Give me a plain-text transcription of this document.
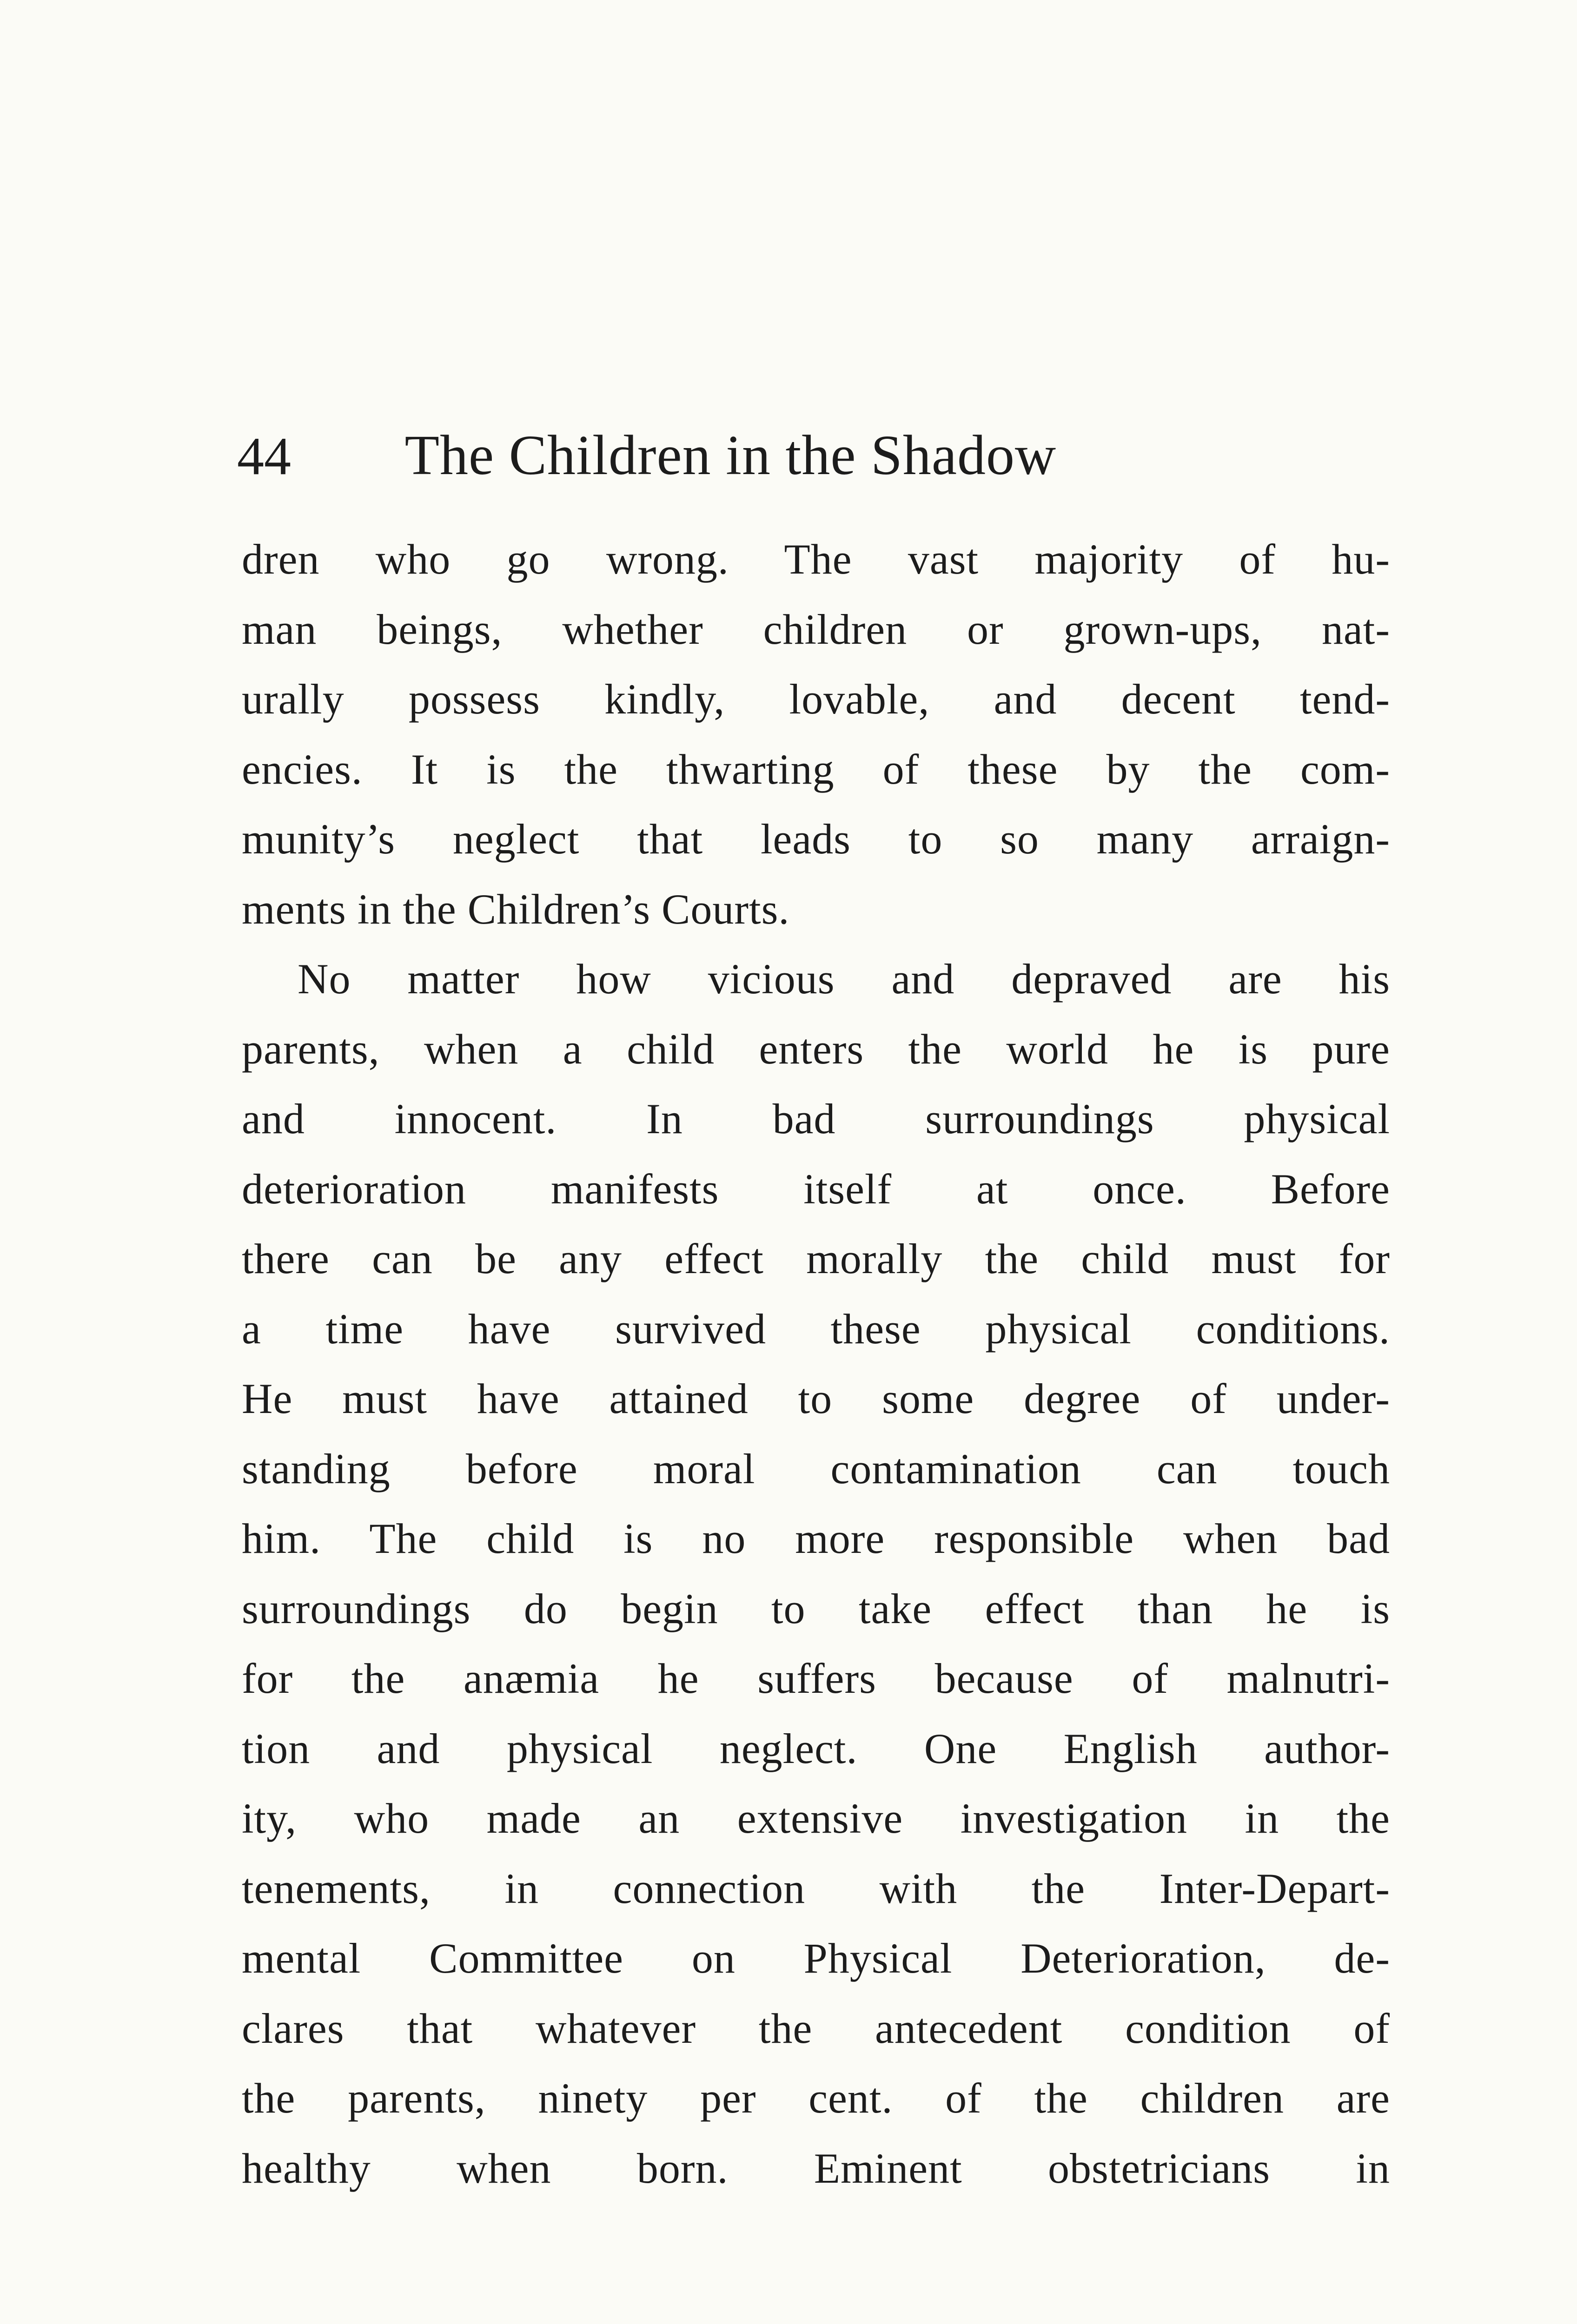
44 The Children in the Shadow
dren who go wrong. The vast majority of hu-
man beings, whether children or grown-ups, nat-
urally possess kindly, lovable, and decent tend-
encies. It is the thwarting of these by the com-
munity’s neglect that leads to so many arraign-
ments in the Children’s Courts.
No matter how vicious and depraved are his
parents, when a child enters the world he is pure
and innocent. In bad surroundings physical
deterioration manifests itself at once. Before
there can be any effect morally the child must for
a time have survived these physical conditions.
He must have attained to some degree of under-
standing before moral contamination can touch
him. The child is no more responsible when bad
surroundings do begin to take effect than he is
for the anæmia he suffers because of malnutri-
tion and physical neglect. One English author-
ity, who made an extensive investigation in the
tenements, in connection with the Inter-Depart-
mental Committee on Physical Deterioration, de-
clares that whatever the antecedent condition of
the parents, ninety per cent. of the children are
healthy when born. Eminent obstetricians in
